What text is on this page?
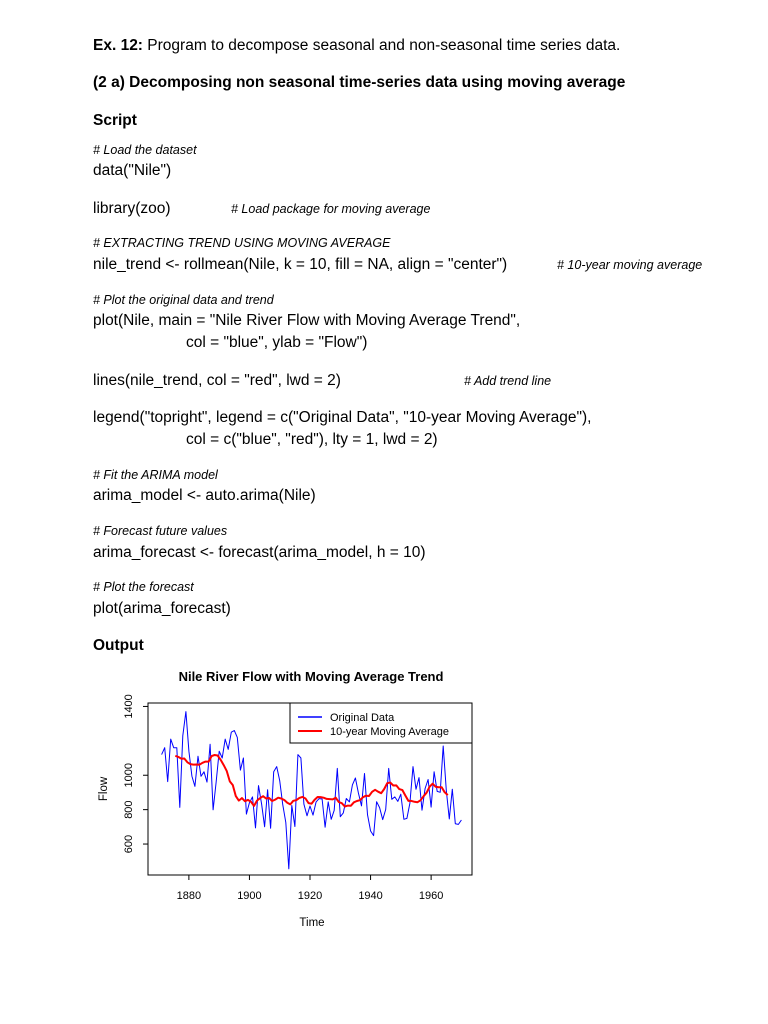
Ex. 12: Program to decompose seasonal and non-seasonal time series data.
(2 a) Decomposing non seasonal time-series data using moving average
Script
# Load the dataset
data("Nile")
library(zoo)	# Load package for moving average
# EXTRACTING TREND USING MOVING AVERAGE
nile_trend <- rollmean(Nile, k = 10, fill = NA, align = "center")	# 10-year moving average
# Plot the original data and trend
plot(Nile, main = "Nile River Flow with Moving Average Trend",
col = "blue", ylab = "Flow")
lines(nile_trend, col = "red", lwd = 2)	# Add trend line
legend("topright", legend = c("Original Data", "10-year Moving Average"),
col = c("blue", "red"), lty = 1, lwd = 2)
# Fit the ARIMA model
arima_model <- auto.arima(Nile)
# Forecast future values
arima_forecast <- forecast(arima_model, h = 10)
# Plot the forecast
plot(arima_forecast)
Output
Nile River Flow with Moving Average Trend
1880	1900	1920	1940	1960
600
800
1000
1400
Time
Flow
Original Data
10-year Moving Average
